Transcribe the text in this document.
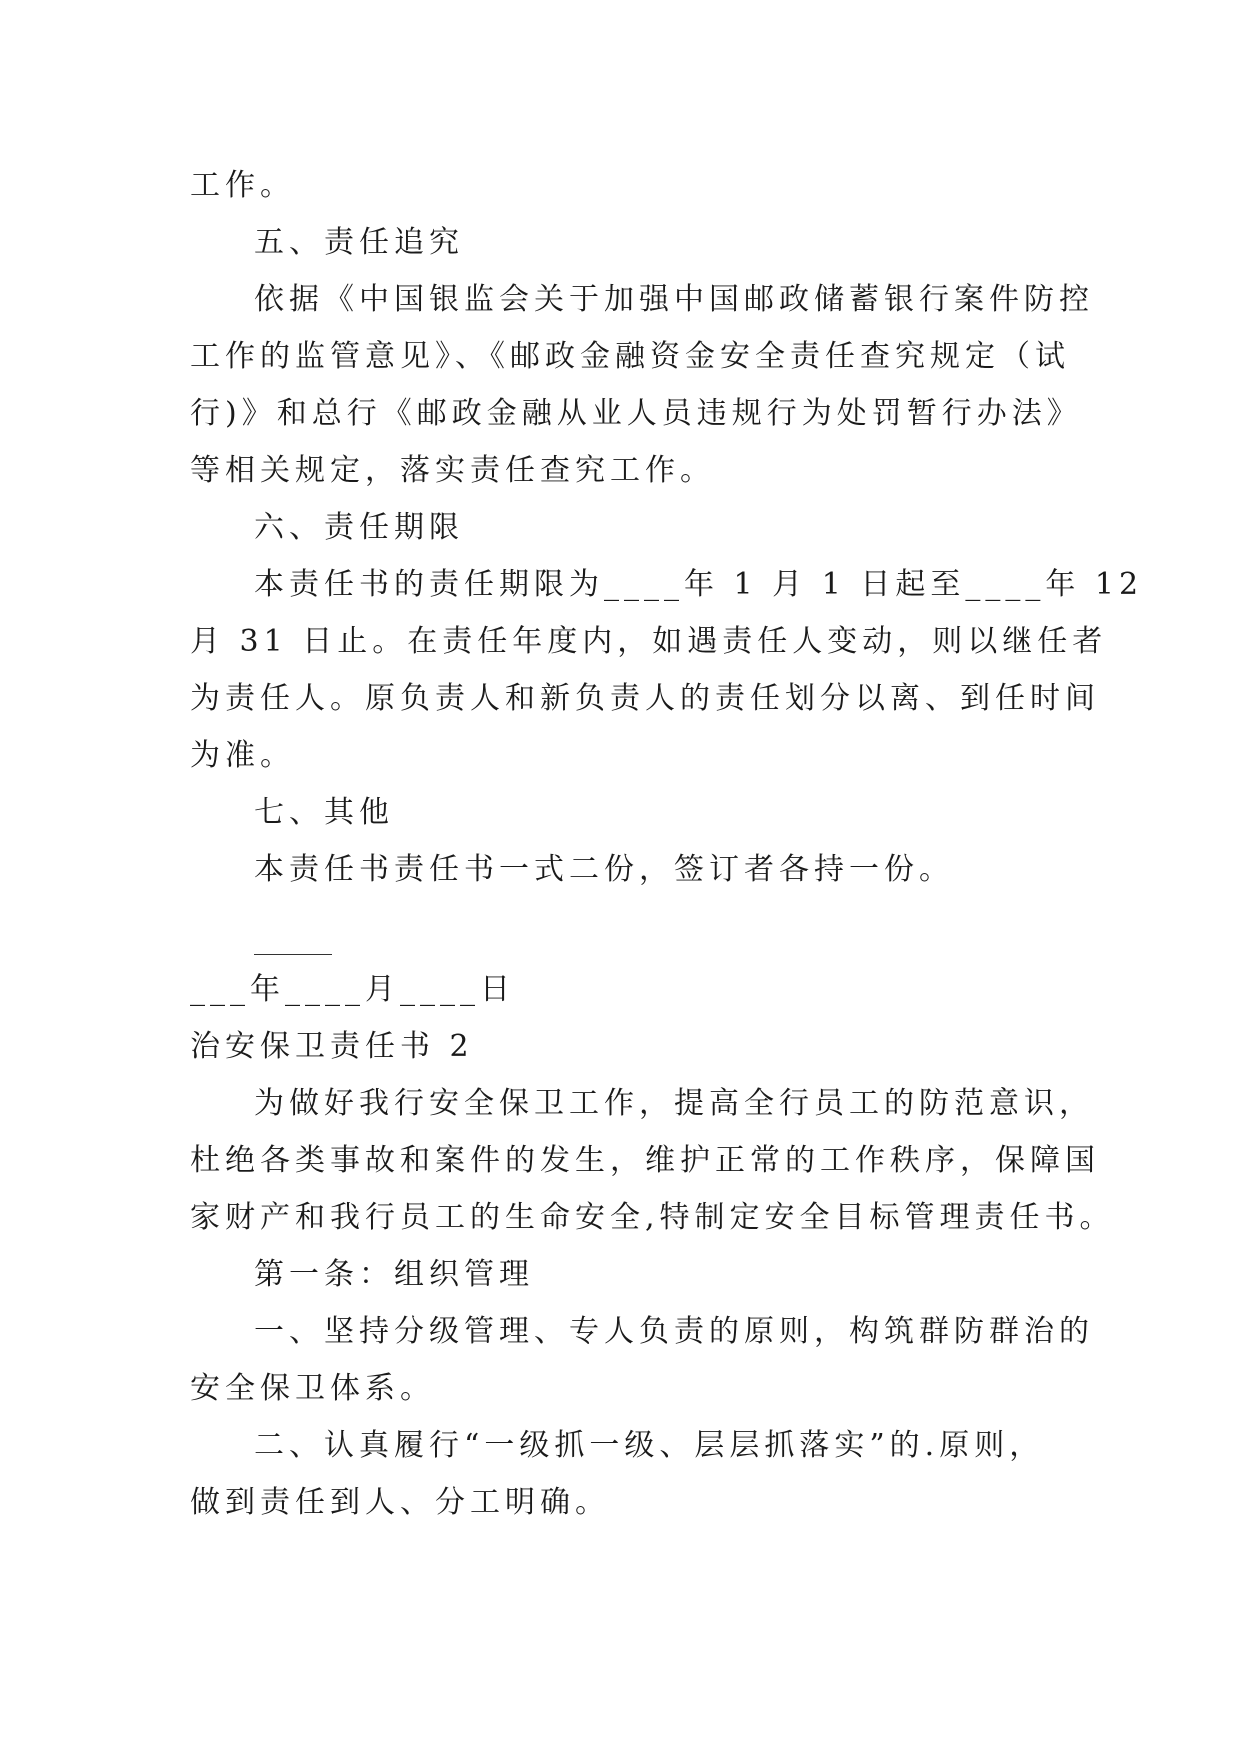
工作。
五、责任追究
依据《中国银监会关于加强中国邮政储蓄银行案件防控
工作的监管意见》、《邮政金融资金安全责任查究规定（试
行)》和总行《邮政金融从业人员违规行为处罚暂行办法》
等相关规定，落实责任查究工作。
六、责任期限
本责任书的责任期限为____年 1 月 1 日起至____年 12
月 31 日止。在责任年度内，如遇责任人变动，则以继任者
为责任人。原负责人和新负责人的责任划分以离、到任时间
为准。
七、其他
本责任书责任书一式二份，签订者各持一份。
___年____月____日
治安保卫责任书 2
为做好我行安全保卫工作，提高全行员工的防范意识，
杜绝各类事故和案件的发生，维护正常的工作秩序，保障国
家财产和我行员工的生命安全,特制定安全目标管理责任书。
第一条：组织管理
一、坚持分级管理、专人负责的原则，构筑群防群治的
安全保卫体系。
二、认真履行“一级抓一级、层层抓落实”的.原则，
做到责任到人、分工明确。
